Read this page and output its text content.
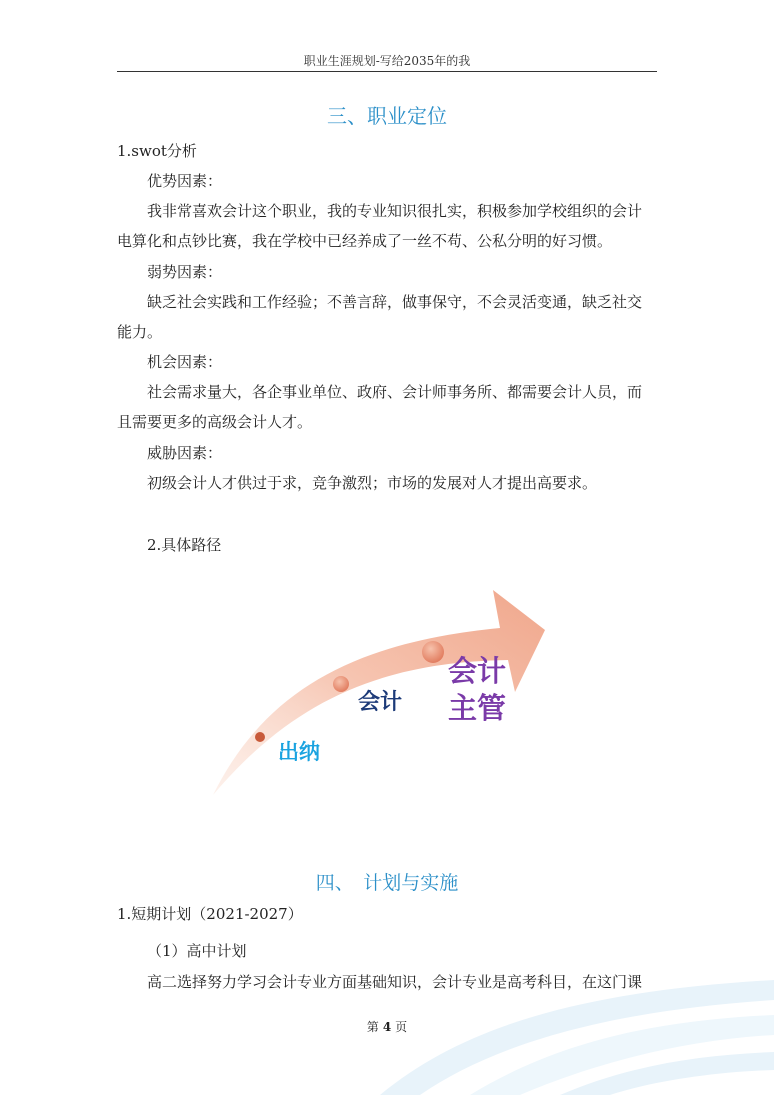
职业生涯规划-写给2035年的我
三、职业定位
1.swot分析
优势因素：
我非常喜欢会计这个职业，我的专业知识很扎实，积极参加学校组织的会计
电算化和点钞比赛，我在学校中已经养成了一丝不苟、公私分明的好习惯。
弱势因素：
缺乏社会实践和工作经验；不善言辞，做事保守，不会灵活变通，缺乏社交
能力。
机会因素：
社会需求量大，各企事业单位、政府、会计师事务所、都需要会计人员，而
且需要更多的高级会计人才。
威胁因素：
初级会计人才供过于求，竞争激烈；市场的发展对人才提出高要求。
2.具体路径
出纳
会计
会计
主管
四、　计划与实施
1.短期计划（2021-2027）
（1）高中计划
高二选择努力学习会计专业方面基础知识，会计专业是高考科目，在这门课
第 4 页
